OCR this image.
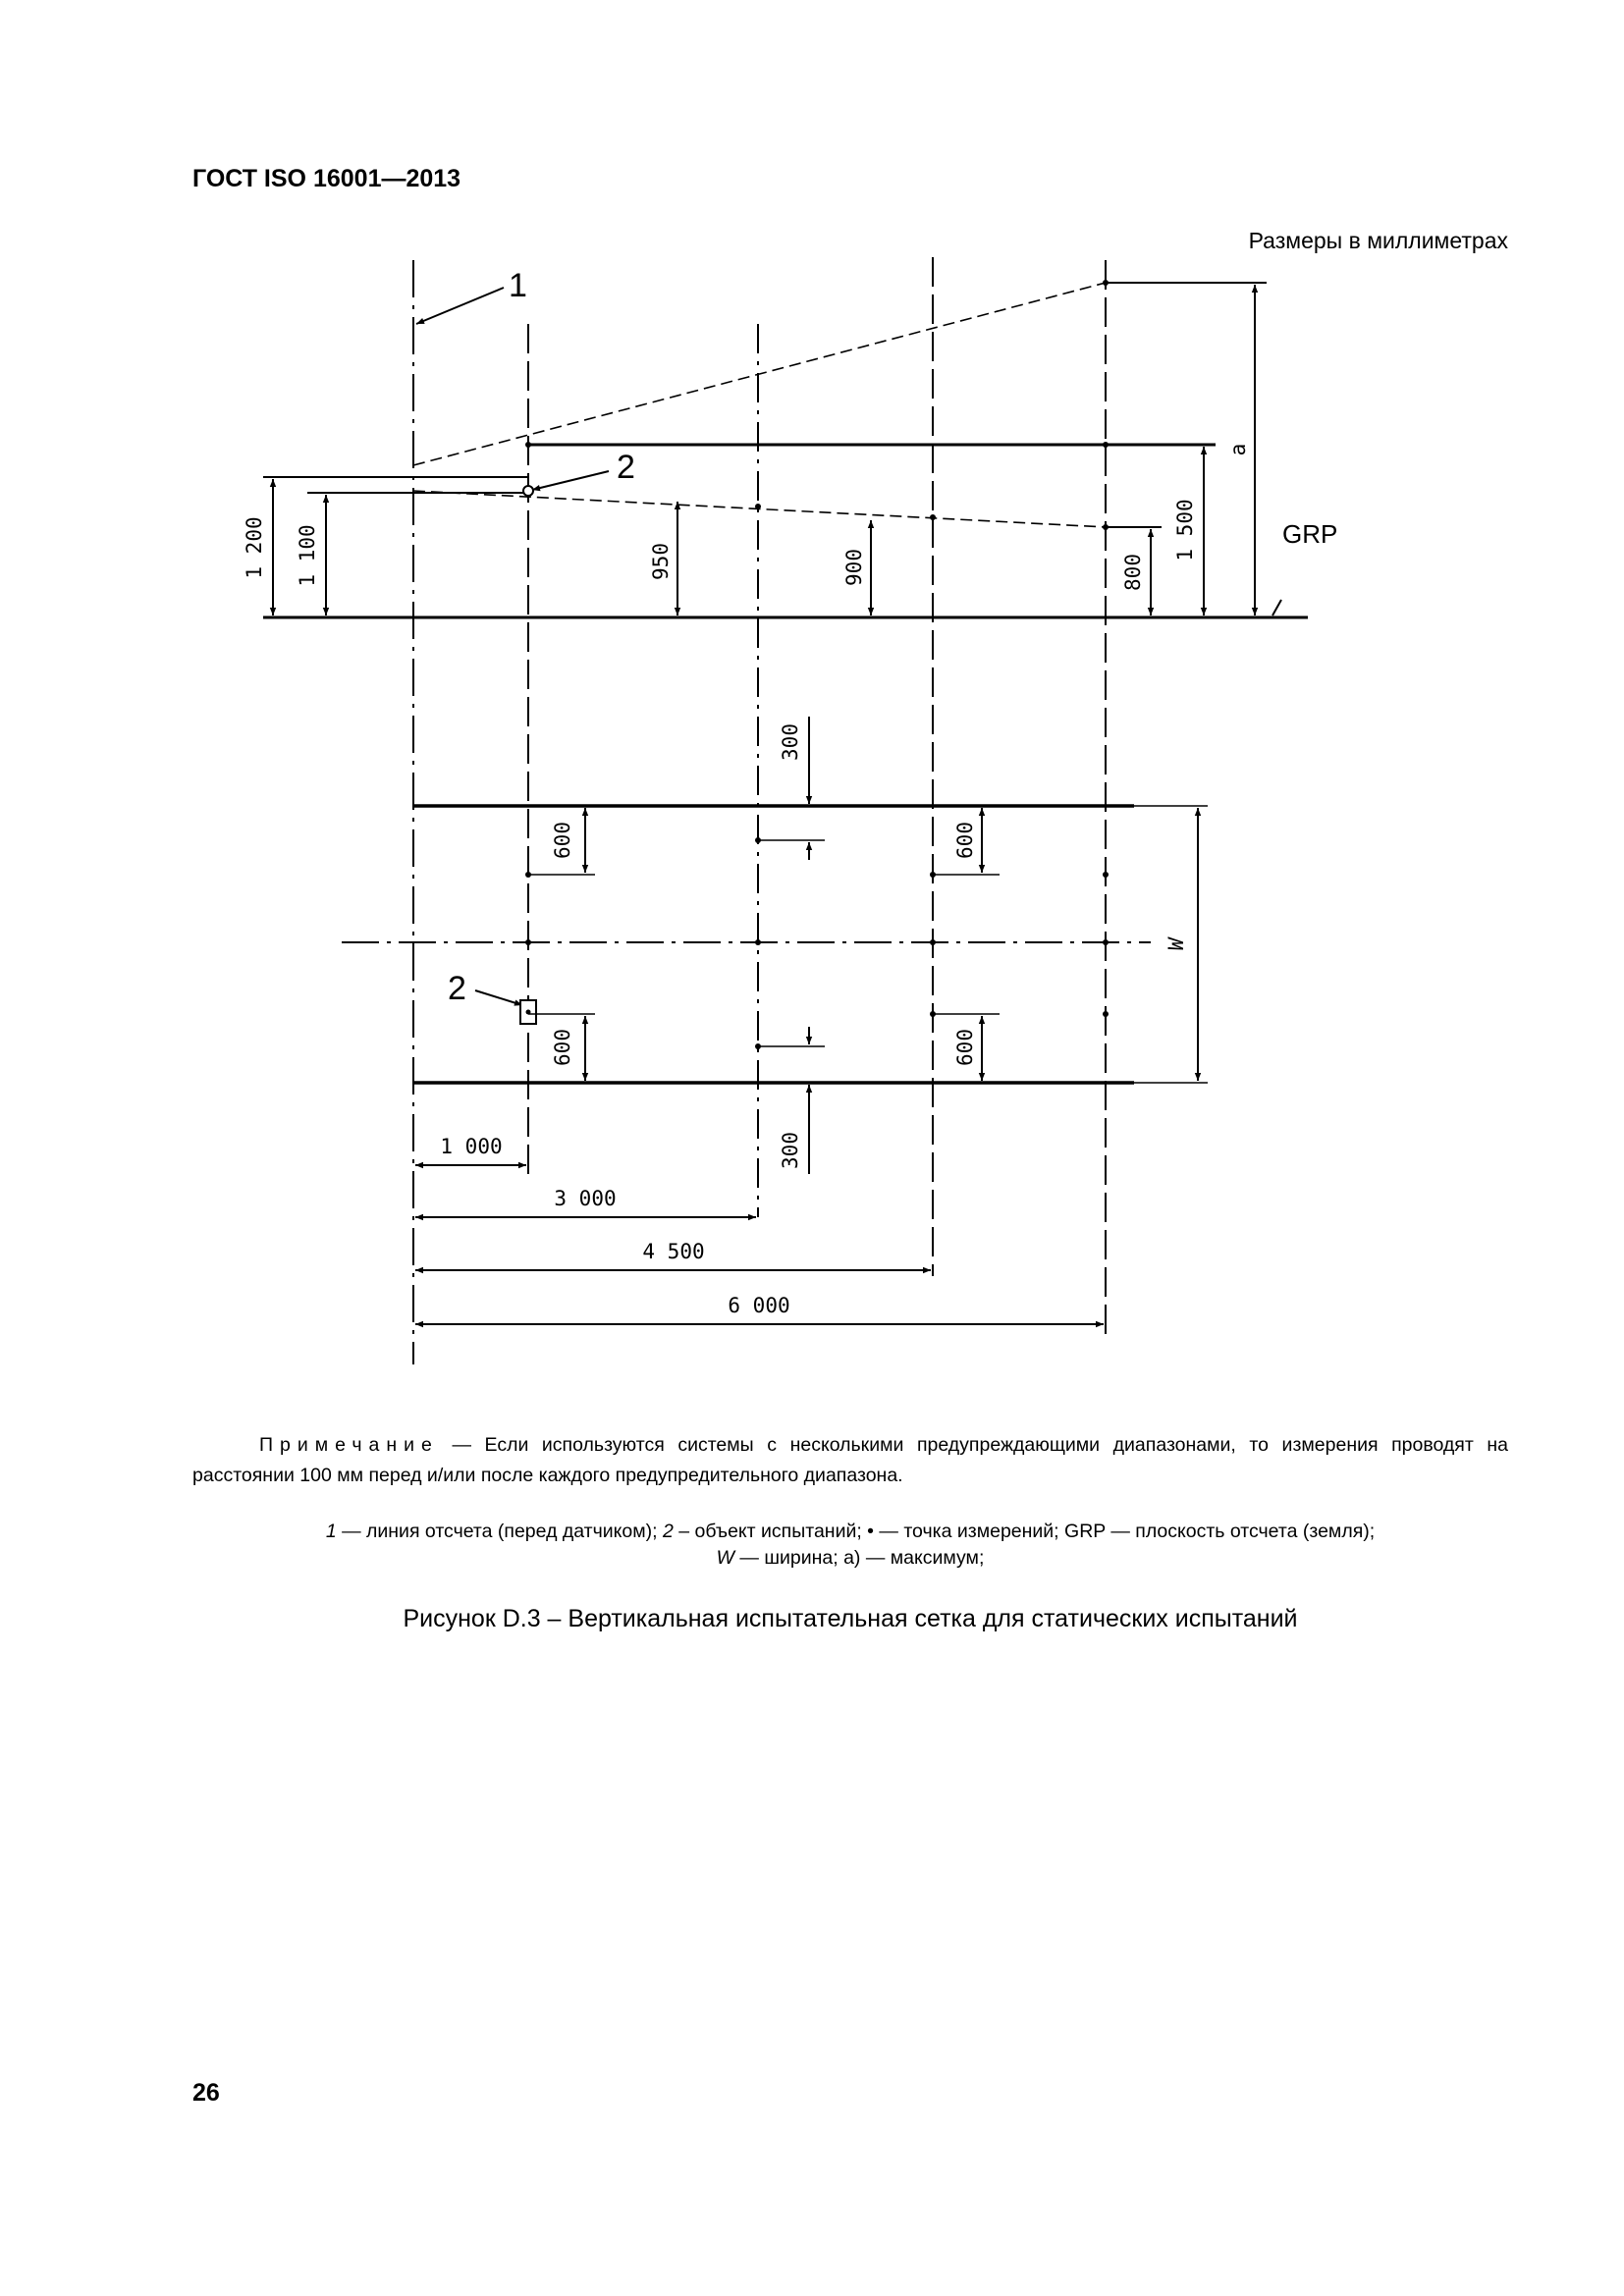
ГОСТ ISO 16001—2013
Размеры в миллиметрах
1
2
2
GRP
1 200 1 100	950	900	800
1 500
a
600
600
600
600
300
300
W
1 000
3 000
4 500
6 000
Примечание — Если используются системы с несколькими предупреждающими диапазонами, то измерения проводят на расстоянии 100 мм перед и/или после каждого предупредительного диапазона.
1 — линия отсчета (перед датчиком); 2 – объект испытаний; • — точка измерений; GRP — плоскость отсчета (земля);
W — ширина; a) — максимум;
Рисунок D.3 – Вертикальная испытательная сетка для статических испытаний
26
